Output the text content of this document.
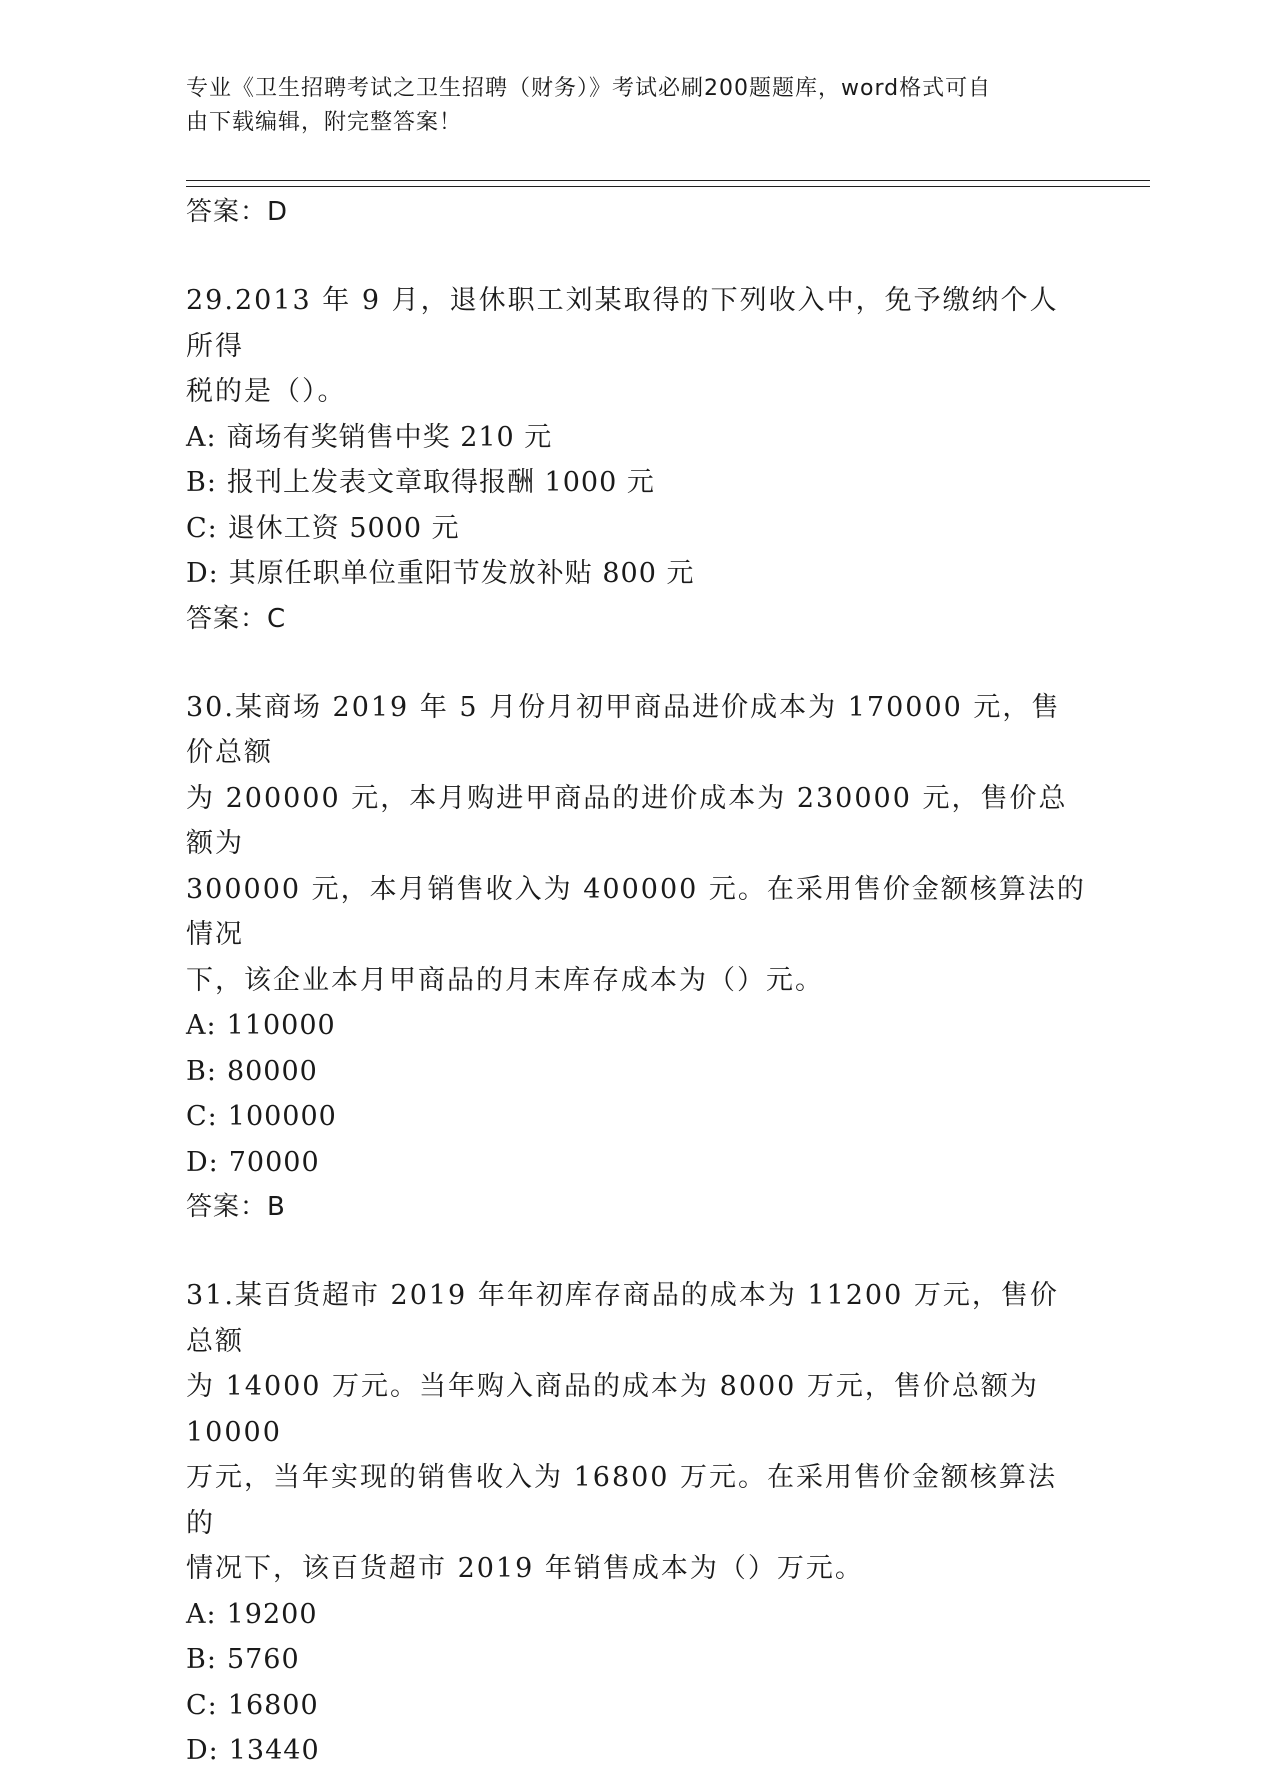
专业《卫生招聘考试之卫生招聘（财务）》考试必刷200题题库，word格式可自
由下载编辑，附完整答案！
答案：D
29.2013 年 9 月，退休职工刘某取得的下列收入中，免予缴纳个人所得
税的是（）。
A: 商场有奖销售中奖 210 元
B: 报刊上发表文章取得报酬 1000 元
C: 退休工资 5000 元
D: 其原任职单位重阳节发放补贴 800 元
答案：C
30.某商场 2019 年 5 月份月初甲商品进价成本为 170000 元，售价总额
为 200000 元，本月购进甲商品的进价成本为 230000 元，售价总额为
300000 元，本月销售收入为 400000 元。在采用售价金额核算法的情况
下，该企业本月甲商品的月末库存成本为（）元。
A: 110000
B: 80000
C: 100000
D: 70000
答案：B
31.某百货超市 2019 年年初库存商品的成本为 11200 万元，售价总额
为 14000 万元。当年购入商品的成本为 8000 万元，售价总额为 10000
万元，当年实现的销售收入为 16800 万元。在采用售价金额核算法的
情况下，该百货超市 2019 年销售成本为（）万元。
A: 19200
B: 5760
C: 16800
D: 13440
